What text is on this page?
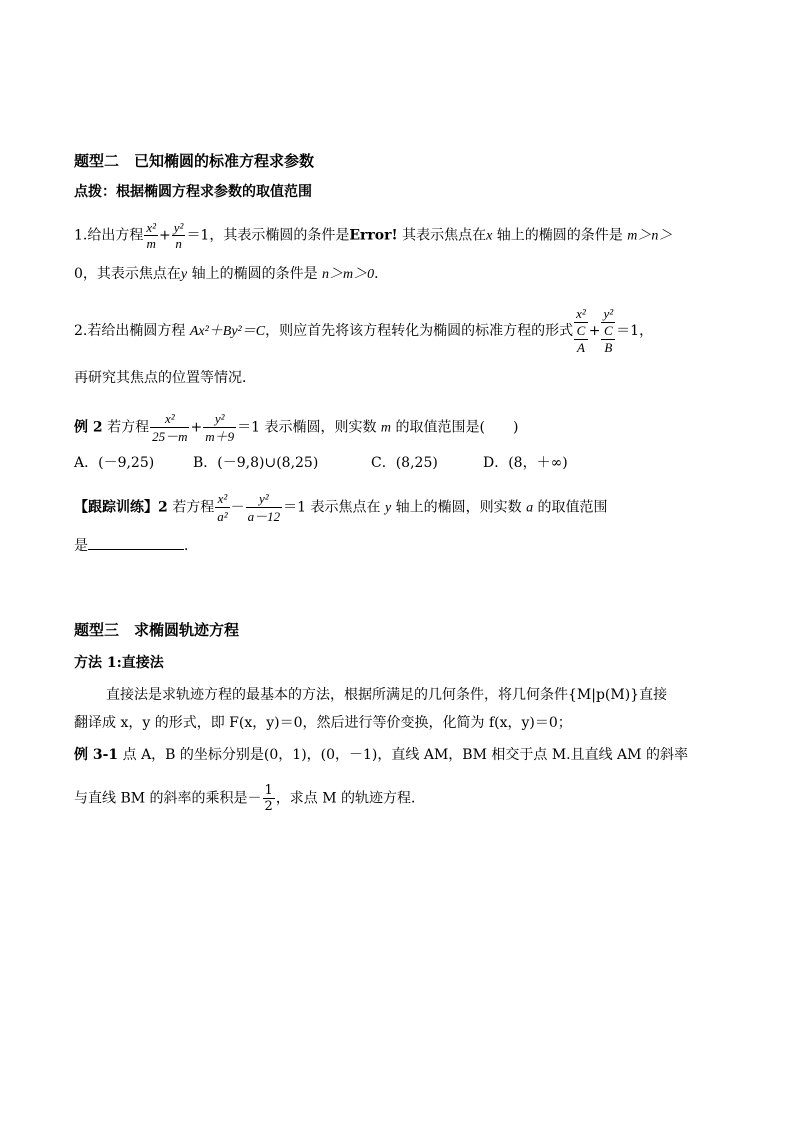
题型二　已知椭圆的标准方程求参数
点拨：根据椭圆方程求参数的取值范围
1.给出方程 $\frac{\text{x²}}{m} + \frac{\text{y²}}{n} =1$，其表示椭圆的条件是Error! 其表示焦点在x 轴上的椭圆的条件是 m＞n＞
0，其表示焦点在y 轴上的椭圆的条件是 n＞m＞0．
2.若给出椭圆方程 Ax²＋By²＝C，则应首先将该方程转化为椭圆的标准方程的形式
x²
C
A
+
y²
C
B
＝1，
再研究其焦点的位置等情况．
例 2 若方程 $\frac{\text{x²}}{25-m} + \frac{\text{y²}}{m+9} =1$ 表示椭圆，则实数 m 的取值范围是(　　)
A．(－9,25)	B．(－9,8)∪(8,25)	C．(8,25)	D．(8，＋∞)
【跟踪训练】2 若方程 $\frac{\text{x²}}{\text{a²}} - \frac{\text{y²}}{a-12} =1$ 表示焦点在 y 轴上的椭圆，则实数 a 的取值范围
是	．
题型三　求椭圆轨迹方程
方法 1:直接法
直接法是求轨迹方程的最基本的方法，根据所满足的几何条件，将几何条件{M|p(M)}直接
翻译成 x，y 的形式，即 F(x，y)＝0，然后进行等价变换，化简为 f(x，y)＝0；
例 3-1 点 A，B 的坐标分别是(0，1)，(0，－1)，直线 AM，BM 相交于点 M.且直线 AM 的斜率
与直线 BM 的斜率的乘积是－ $\frac{1}{2}$ ，求点 M 的轨迹方程．
